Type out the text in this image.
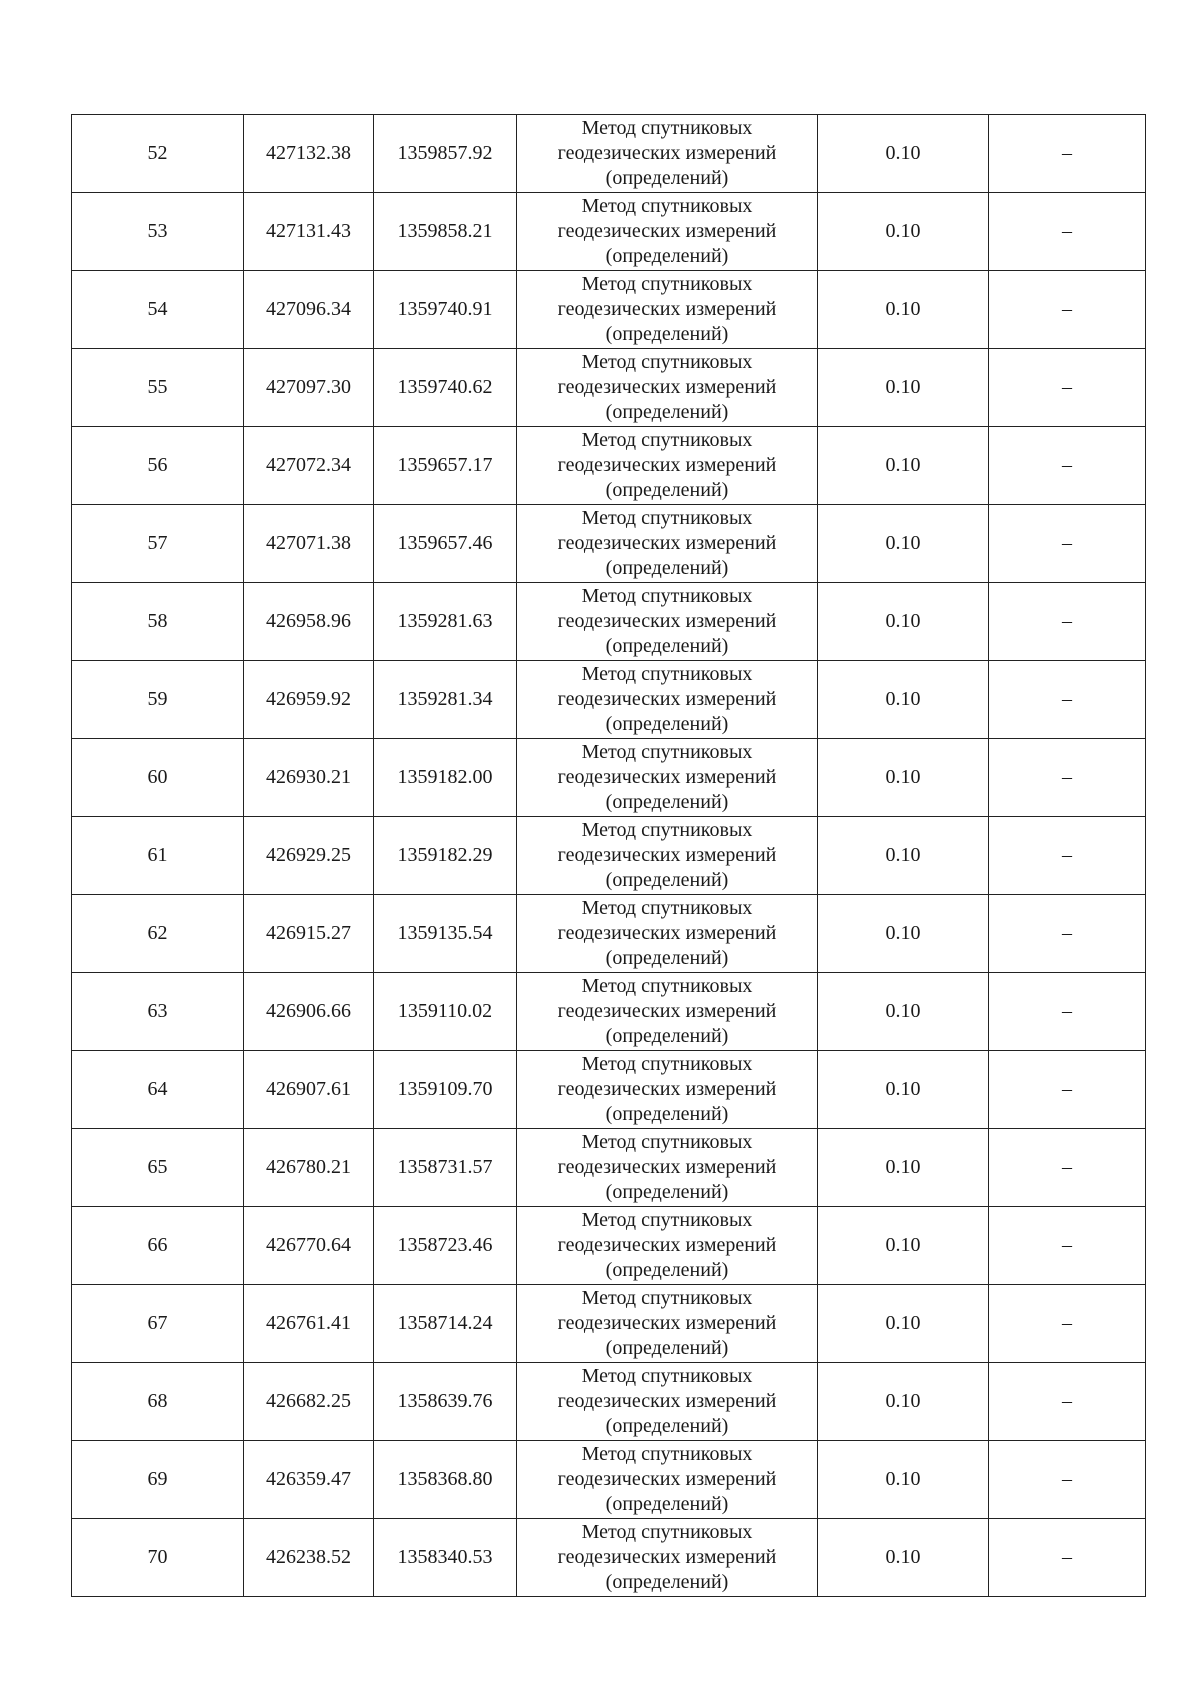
52	427132.38	1359857.92	Метод спутниковых
геодезических измерений
(определений)	0.10	–
53	427131.43	1359858.21	Метод спутниковых
геодезических измерений
(определений)	0.10	–
54	427096.34	1359740.91	Метод спутниковых
геодезических измерений
(определений)	0.10	–
55	427097.30	1359740.62	Метод спутниковых
геодезических измерений
(определений)	0.10	–
56	427072.34	1359657.17	Метод спутниковых
геодезических измерений
(определений)	0.10	–
57	427071.38	1359657.46	Метод спутниковых
геодезических измерений
(определений)	0.10	–
58	426958.96	1359281.63	Метод спутниковых
геодезических измерений
(определений)	0.10	–
59	426959.92	1359281.34	Метод спутниковых
геодезических измерений
(определений)	0.10	–
60	426930.21	1359182.00	Метод спутниковых
геодезических измерений
(определений)	0.10	–
61	426929.25	1359182.29	Метод спутниковых
геодезических измерений
(определений)	0.10	–
62	426915.27	1359135.54	Метод спутниковых
геодезических измерений
(определений)	0.10	–
63	426906.66	1359110.02	Метод спутниковых
геодезических измерений
(определений)	0.10	–
64	426907.61	1359109.70	Метод спутниковых
геодезических измерений
(определений)	0.10	–
65	426780.21	1358731.57	Метод спутниковых
геодезических измерений
(определений)	0.10	–
66	426770.64	1358723.46	Метод спутниковых
геодезических измерений
(определений)	0.10	–
67	426761.41	1358714.24	Метод спутниковых
геодезических измерений
(определений)	0.10	–
68	426682.25	1358639.76	Метод спутниковых
геодезических измерений
(определений)	0.10	–
69	426359.47	1358368.80	Метод спутниковых
геодезических измерений
(определений)	0.10	–
70	426238.52	1358340.53	Метод спутниковых
геодезических измерений
(определений)	0.10	–
